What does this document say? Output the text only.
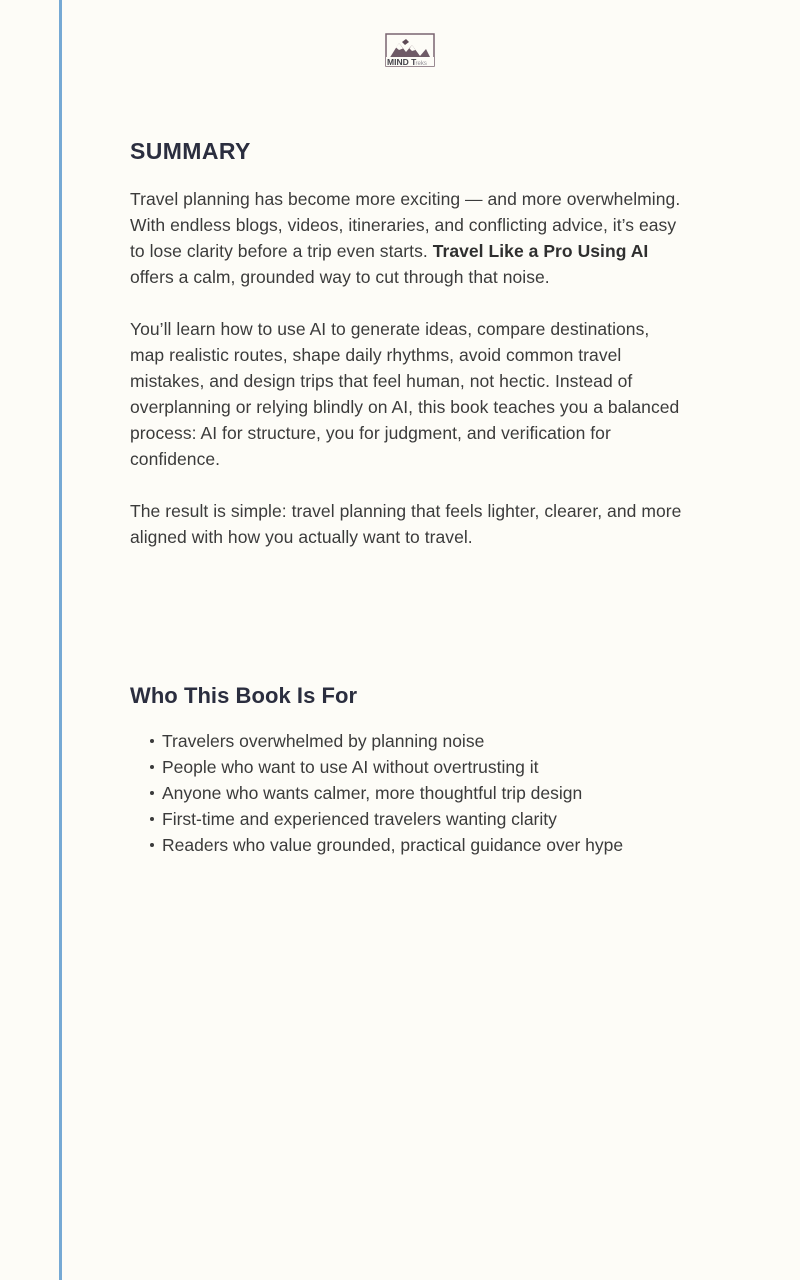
MIND T reks
SUMMARY

Travel planning has become more exciting — and more overwhelming. With endless blogs, videos, itineraries, and conflicting advice, it’s easy to lose clarity before a trip even starts. Travel Like a Pro Using AI offers a calm, grounded way to cut through that noise.

You’ll learn how to use AI to generate ideas, compare destinations, map realistic routes, shape daily rhythms, avoid common travel mistakes, and design trips that feel human, not hectic. Instead of overplanning or relying blindly on AI, this book teaches you a balanced process: AI for structure, you for judgment, and verification for confidence.

The result is simple: travel planning that feels lighter, clearer, and more aligned with how you actually want to travel.

Who This Book Is For
Travelers overwhelmed by planning noise
People who want to use AI without overtrusting it
Anyone who wants calmer, more thoughtful trip design
First-time and experienced travelers wanting clarity
Readers who value grounded, practical guidance over hype
